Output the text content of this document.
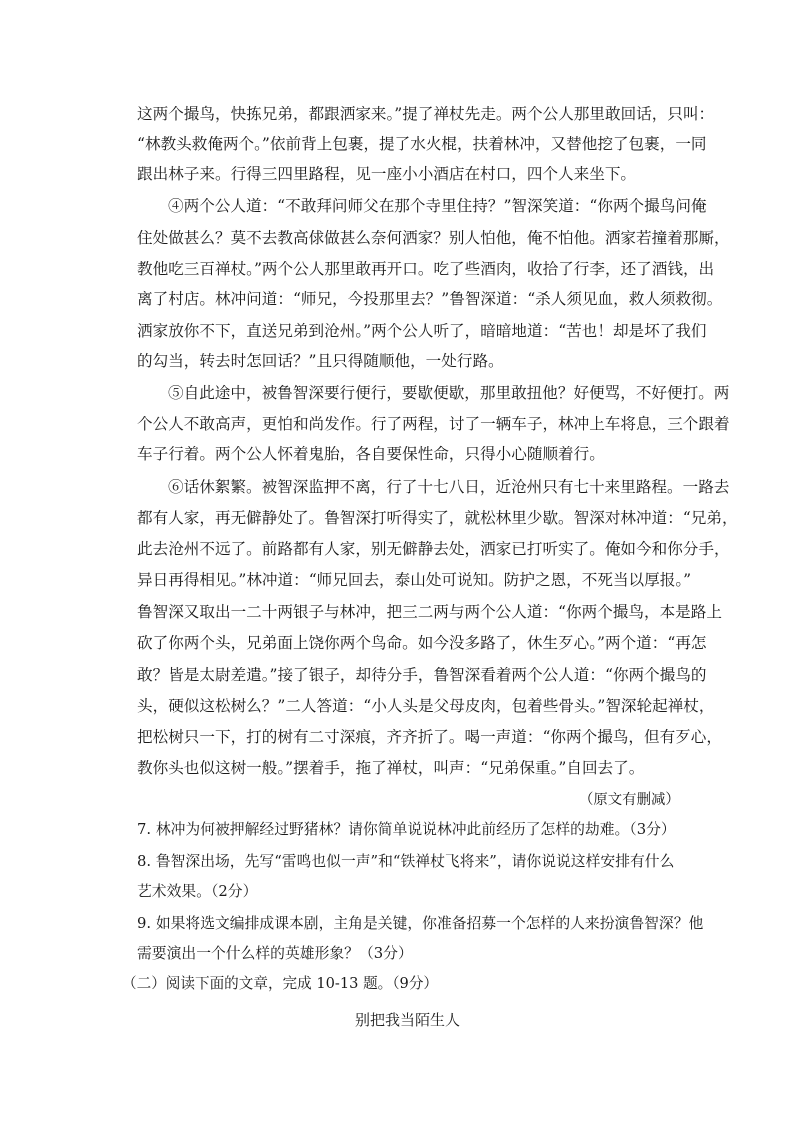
这两个撮鸟，快拣兄弟，都跟洒家来。”提了禅杖先走。两个公人那里敢回话，只叫：
“林教头救俺两个。”依前背上包裹，提了水火棍，扶着林冲，又替他挖了包裹，一同
跟出林子来。行得三四里路程，见一座小小酒店在村口，四个人来坐下。
④两个公人道：“不敢拜问师父在那个寺里住持？”智深笑道：“你两个撮鸟问俺
住处做甚么？莫不去教高俅做甚么奈何洒家？别人怕他，俺不怕他。洒家若撞着那厮，
教他吃三百禅杖。”两个公人那里敢再开口。吃了些酒肉，收拾了行李，还了酒钱，出
离了村店。林冲问道：“师兄，今投那里去？”鲁智深道：“杀人须见血，救人须救彻。
洒家放你不下，直送兄弟到沧州。”两个公人听了，暗暗地道：“苦也！却是坏了我们
的勾当，转去时怎回话？”且只得随顺他，一处行路。
⑤自此途中，被鲁智深要行便行，要歇便歇，那里敢扭他？好便骂，不好便打。两
个公人不敢高声，更怕和尚发作。行了两程，讨了一辆车子，林冲上车将息，三个跟着
车子行着。两个公人怀着鬼胎，各自要保性命，只得小心随顺着行。
⑥话休絮繁。被智深监押不离，行了十七八日，近沧州只有七十来里路程。一路去
都有人家，再无僻静处了。鲁智深打听得实了，就松林里少歇。智深对林冲道：“兄弟，
此去沧州不远了。前路都有人家，别无僻静去处，洒家已打听实了。俺如今和你分手，
异日再得相见。”林冲道：“师兄回去，泰山处可说知。防护之恩，不死当以厚报。”
鲁智深又取出一二十两银子与林冲，把三二两与两个公人道：“你两个撮鸟，本是路上
砍了你两个头，兄弟面上饶你两个鸟命。如今没多路了，休生歹心。”两个道：“再怎
敢？皆是太尉差遣。”接了银子，却待分手，鲁智深看着两个公人道：“你两个撮鸟的
头，硬似这松树么？”二人答道：“小人头是父母皮肉，包着些骨头。”智深轮起禅杖，
把松树只一下，打的树有二寸深痕，齐齐折了。喝一声道：“你两个撮鸟，但有歹心，
教你头也似这树一般。”摆着手，拖了禅杖，叫声：“兄弟保重。”自回去了。
（原文有删减）
7. 林冲为何被押解经过野猪林？请你简单说说林冲此前经历了怎样的劫难。（3分）
8. 鲁智深出场，先写“雷鸣也似一声”和“铁禅杖飞将来”，请你说说这样安排有什么
艺术效果。（2分）
9. 如果将选文编排成课本剧，主角是关键，你准备招募一个怎样的人来扮演鲁智深？他
需要演出一个什么样的英雄形象？（3分）
（二）阅读下面的文章，完成 10-13 题。（9分）
别把我当陌生人
